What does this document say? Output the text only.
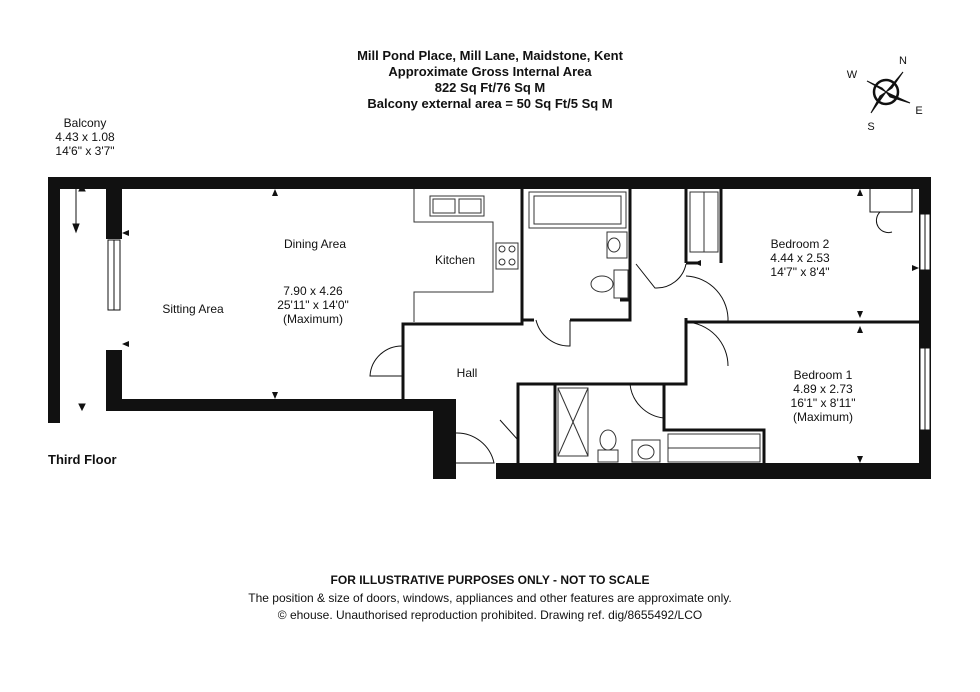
Mill Pond Place, Mill Lane, Maidstone, Kent
Approximate Gross Internal Area
822 Sq Ft/76 Sq M
Balcony external area = 50 Sq Ft/5 Sq M
Balcony
4.43 x 1.08
14'6" x 3'7"
Dining Area
Sitting Area
7.90 x 4.26
25'11" x 14'0"
(Maximum)
Kitchen
Hall
Bedroom 2
4.44 x 2.53
14'7" x 8'4"
Bedroom 1
4.89 x 2.73
16'1" x 8'11"
(Maximum)
N
E
S
W
Third Floor
FOR ILLUSTRATIVE PURPOSES ONLY - NOT TO SCALE
The position & size of doors, windows, appliances and other features are approximate only.
© ehouse. Unauthorised reproduction prohibited. Drawing ref. dig/8655492/LCO
